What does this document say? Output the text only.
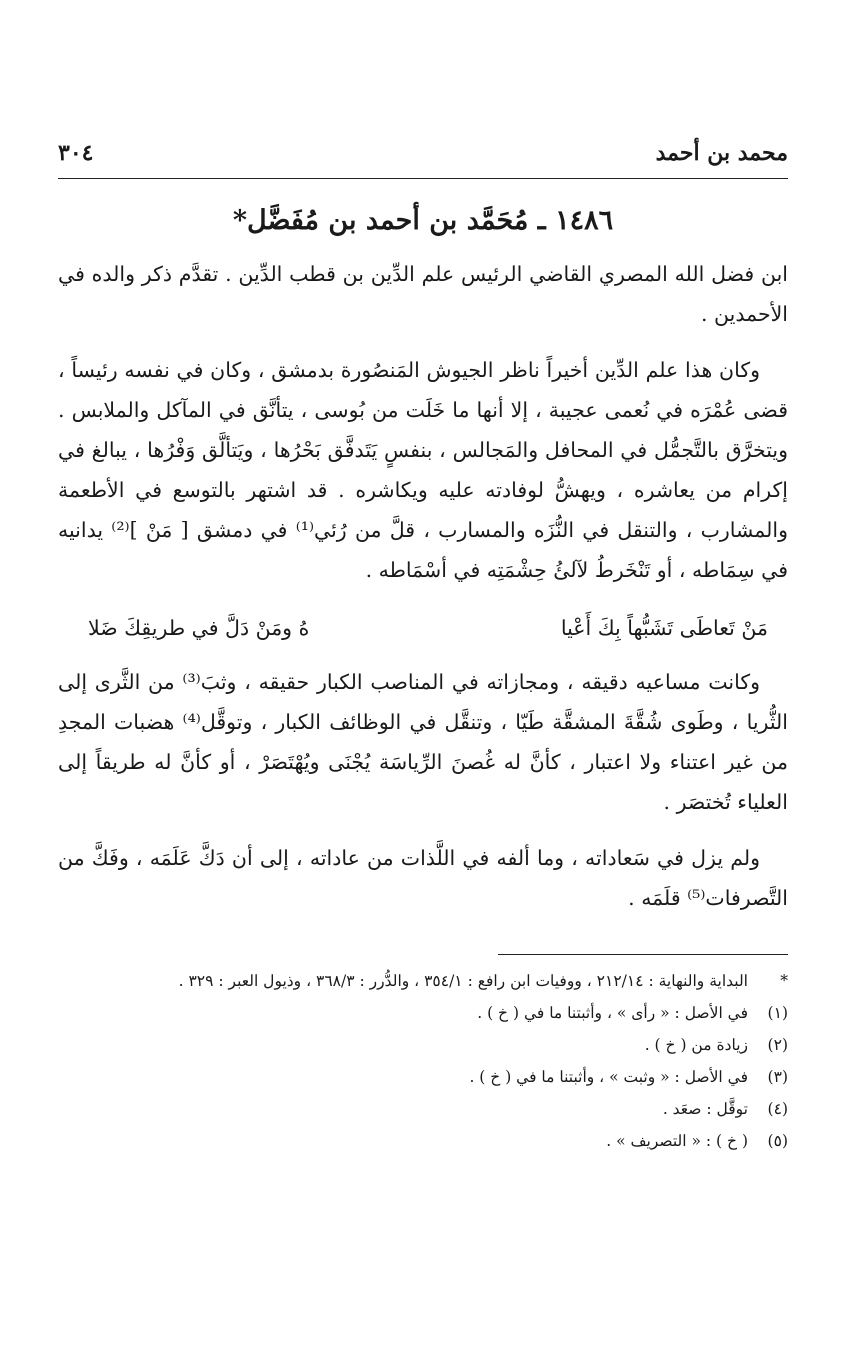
محمد بن أحمد
٣٠٤
١٤٨٦ ـ مُحَمَّد بن أحمد بن مُفَضَّل*

ابن فضل الله المصري القاضي الرئيس علم الدِّين بن قطب الدِّين . تقدَّم ذكر والده في الأحمدين .

وكان هذا علم الدِّين أخيراً ناظر الجيوش المَنصُورة بدمشق ، وكان في نفسه رئيساً ، قضى عُمْرَه في نُعمى عجيبة ، إلا أنها ما خَلَت من بُوسى ، يتأنَّق في المآكل والملابس . ويتخرَّق بالتَّجمُّل في المحافل والمَجالس ، بنفسٍ يَتَدفَّق بَحْرُها ، ويَتألَّق وَفْرُها ، يبالغ في إكرام من يعاشره ، ويهشُّ لوفادته عليه ويكاشره . قد اشتهر بالتوسع في الأطعمة والمشارب ، والتنقل في النُّزَه والمسارب ، قلَّ من رُئي⁽¹⁾ في دمشق [ مَنْ ]⁽²⁾ يدانيه في سِمَاطه ، أو تَنْخَرطُ لآلئُ حِشْمَتِه في أسْمَاطه .

مَنْ تَعاطَى تَشَبُّهاً بِكَ أَعْيا
هُ ومَنْ دَلَّ في طريقِكَ ضَلا

وكانت مساعيه دقيقه ، ومجازاته في المناصب الكبار حقيقه ، وثبَ⁽³⁾ من الثَّرى إلى الثُّريا ، وطَوى شُقَّةَ المشقَّة طَيّا ، وتنقَّل في الوظائف الكبار ، وتوقَّل⁽⁴⁾ هضبات المجدِ من غير اعتناء ولا اعتبار ، كأنَّ له غُصنَ الرِّياسَة يُجْنَى ويُهْتَصَرْ ، أو كأنَّ له طريقاً إلى العلياء تُختصَر .

ولم يزل في سَعاداته ، وما ألفه في اللَّذات من عاداته ، إلى أن دَكَّ عَلَمَه ، وفَكَّ من التَّصرفات⁽⁵⁾ قلَمَه .

*
البداية والنهاية : ٢١٢/١٤ ، ووفيات ابن رافع : ٣٥٤/١ ، والدُّرر : ٣٦٨/٣ ، وذيول العبر : ٣٢٩ .
(١)
في الأصل : « رأى » ، وأثبتنا ما في ( خ ) .
(٢)
زيادة من ( خ ) .
(٣)
في الأصل : « وثبت » ، وأثبتنا ما في ( خ ) .
(٤)
توقَّل : صعَد .
(٥)
( خ ) : « التصريف » .
